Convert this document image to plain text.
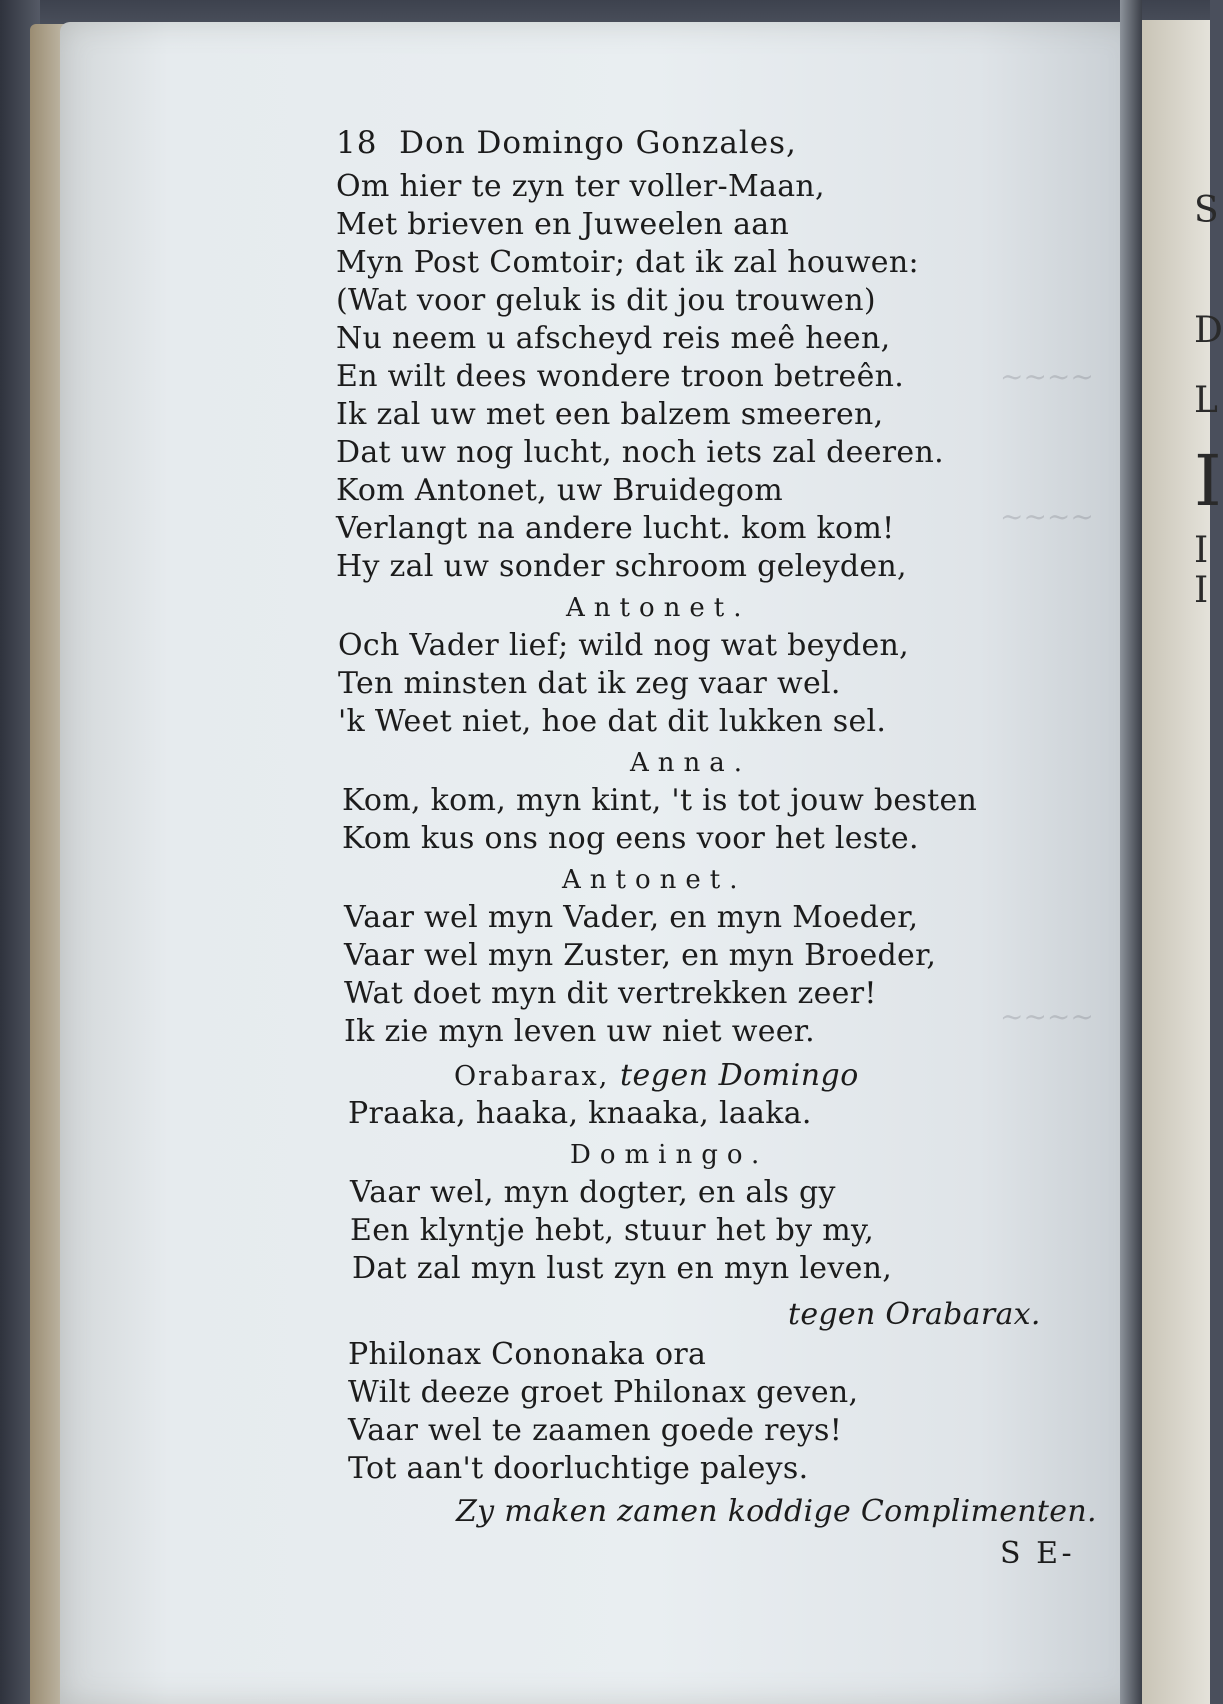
S
D
L
I
I
I
~~~~
~~~~
~~~~
18 Don Domingo Gonzales,
Om hier te zyn ter voller-Maan,
Met brieven en Juweelen aan
Myn Post Comtoir; dat ik zal houwen:
(Wat voor geluk is dit jou trouwen)
Nu neem u afscheyd reis meê heen,
En wilt dees wondere troon betreên.
Ik zal uw met een balzem smeeren,
Dat uw nog lucht, noch iets zal deeren.
Kom Antonet, uw Bruidegom
Verlangt na andere lucht. kom kom!
Hy zal uw sonder schroom geleyden,
Antonet.
Och Vader lief; wild nog wat beyden,
Ten minsten dat ik zeg vaar wel.
'k Weet niet, hoe dat dit lukken sel.
Anna.
Kom, kom, myn kint, 't is tot jouw besten
Kom kus ons nog eens voor het leste.
Antonet.
Vaar wel myn Vader, en myn Moeder,
Vaar wel myn Zuster, en myn Broeder,
Wat doet myn dit vertrekken zeer!
Ik zie myn leven uw niet weer.
Orabarax, tegen Domingo
Praaka, haaka, knaaka, laaka.
Domingo.
Vaar wel, myn dogter, en als gy
Een klyntje hebt, stuur het by my,
Dat zal myn lust zyn en myn leven,
tegen Orabarax.
Philonax Cononaka ora
Wilt deeze groet Philonax geven,
Vaar wel te zaamen goede reys!
Tot aan't doorluchtige paleys.
Zy maken zamen koddige Complimenten.
S E-
